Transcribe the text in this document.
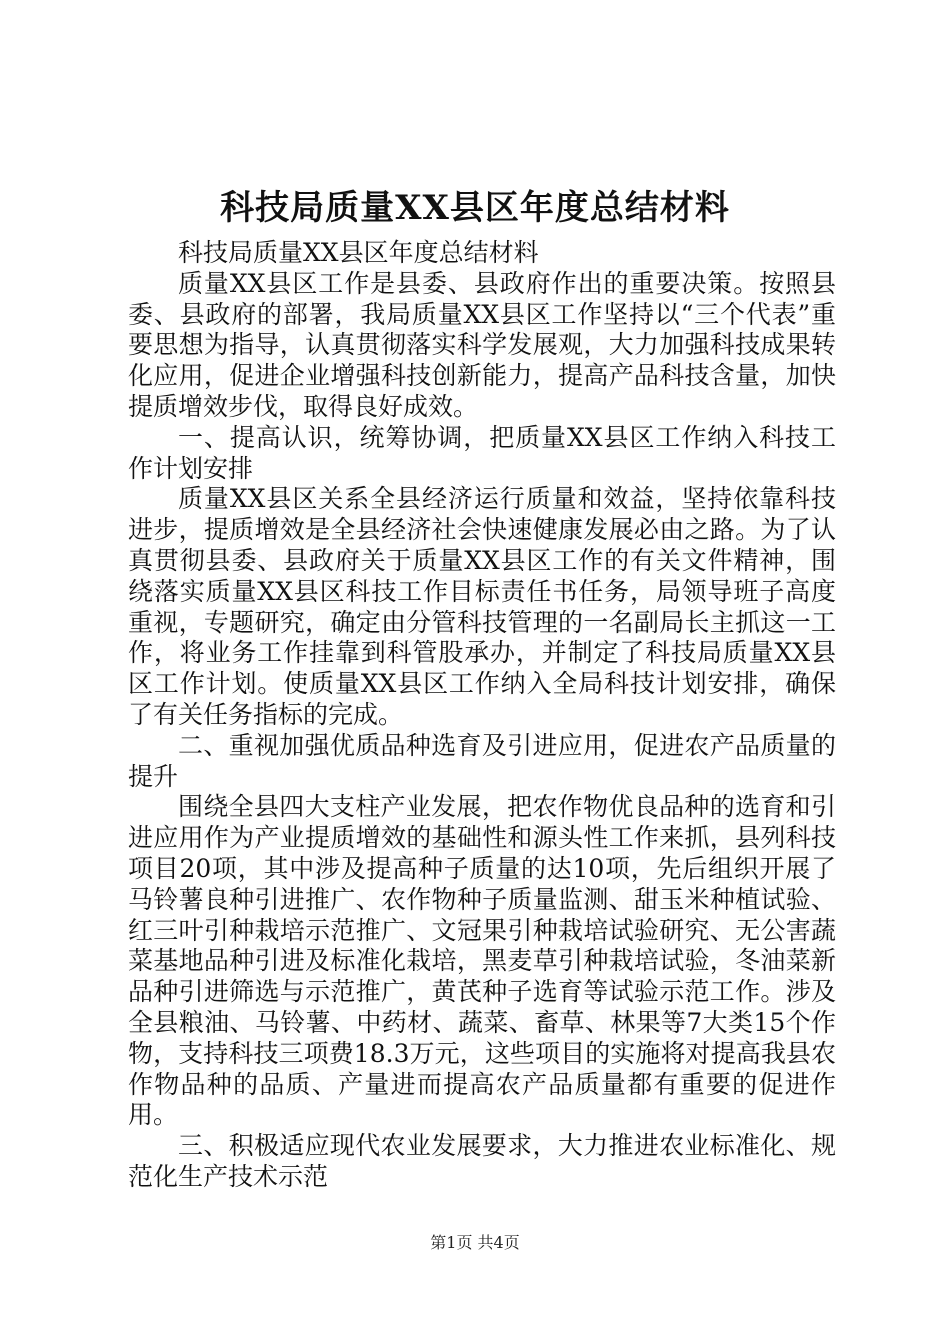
科技局质量XX县区年度总结材料

科技局质量XX县区年度总结材料

质量XX县区工作是县委、县政府作出的重要决策。按照县委、县政府的部署，我局质量XX县区工作坚持以“三个代表”重要思想为指导，认真贯彻落实科学发展观，大力加强科技成果转化应用，促进企业增强科技创新能力，提高产品科技含量，加快提质增效步伐，取得良好成效。

一、提高认识，统筹协调，把质量XX县区工作纳入科技工作计划安排

质量XX县区关系全县经济运行质量和效益，坚持依靠科技进步，提质增效是全县经济社会快速健康发展必由之路。为了认真贯彻县委、县政府关于质量XX县区工作的有关文件精神，围绕落实质量XX县区科技工作目标责任书任务，局领导班子高度重视，专题研究，确定由分管科技管理的一名副局长主抓这一工作，将业务工作挂靠到科管股承办，并制定了科技局质量XX县区工作计划。使质量XX县区工作纳入全局科技计划安排，确保了有关任务指标的完成。

二、重视加强优质品种选育及引进应用，促进农产品质量的提升

围绕全县四大支柱产业发展，把农作物优良品种的选育和引进应用作为产业提质增效的基础性和源头性工作来抓，县列科技项目20项，其中涉及提高种子质量的达10项，先后组织开展了马铃薯良种引进推广、农作物种子质量监测、甜玉米种植试验、红三叶引种栽培示范推广、文冠果引种栽培试验研究、无公害蔬菜基地品种引进及标准化栽培，黑麦草引种栽培试验，冬油菜新品种引进筛选与示范推广，黄芪种子选育等试验示范工作。涉及全县粮油、马铃薯、中药材、蔬菜、畜草、林果等7大类15个作物，支持科技三项费18.3万元，这些项目的实施将对提高我县农作物品种的品质、产量进而提高农产品质量都有重要的促进作用。

三、积极适应现代农业发展要求，大力推进农业标准化、规范化生产技术示范

第1页 共4页
